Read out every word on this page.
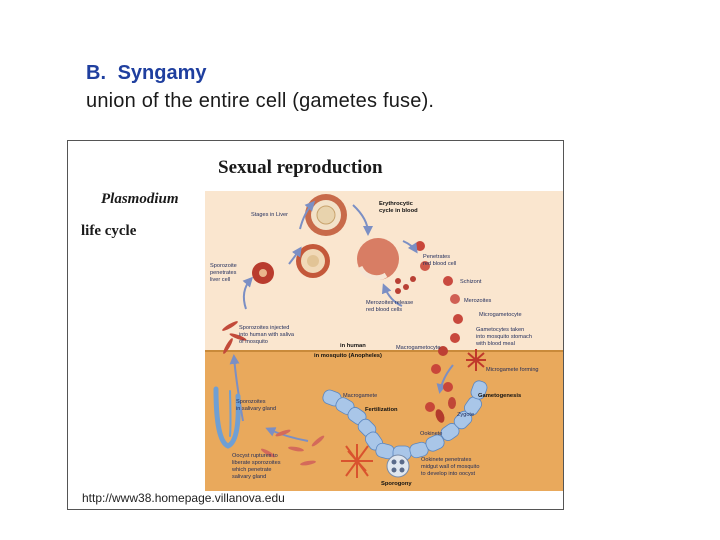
B. Syngamy
union of the entire cell (gametes fuse).
Stages in Liver
Erythrocytic
cycle in blood
Sporozoite
penetrates
liver cell
Penetrates
red blood cell
Schizont
Merozoites
Merozoites release
red blood cells
Microgametocyte
Gametocytes taken
into mosquito stomach
with blood meal
Sporozoites injected
into human with saliva
of mosquito
in human
in mosquito (Anopheles)
Macrogametocyte
Microgamete forming
Sporozoites
in salivary gland
Macrogamete
Fertilization
Gametogenesis
Zygote
Ookinete
Oocyst ruptures to
liberate sporozoites
which penetrate
salivary gland
Ookinete penetrates
midgut wall of mosquito
to develop into oocyst
Sporogony
Sexual reproduction
Plasmodium
life cycle
http://www38.homepage.villanova.edu
